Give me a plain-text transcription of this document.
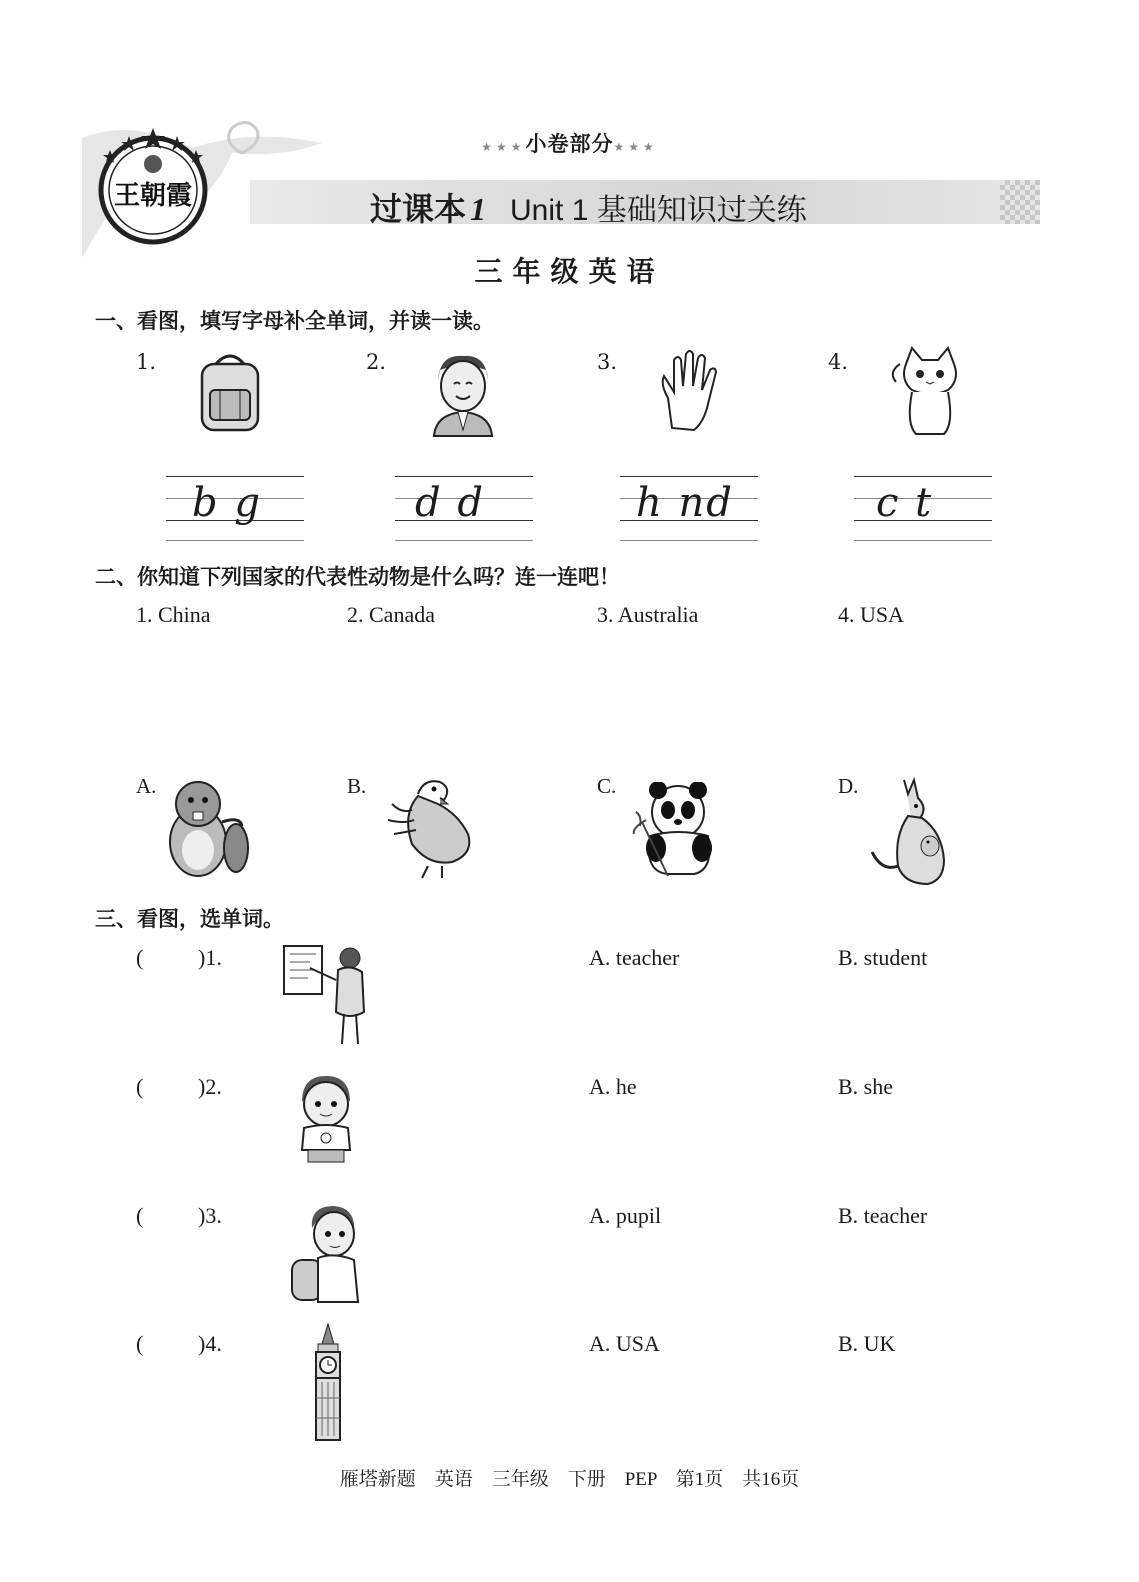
王朝霞
★★★小卷部分★★★
过课本 1 Unit 1 基础知识过关练
三年级英语
一、看图，填写字母补全单词，并读一读。
1.
b g
2.
d d
3.
h nd
4.
c t
二、你知道下列国家的代表性动物是什么吗？连一连吧！
1. China	2. Canada	3. Australia	4. USA
A.	B.	C.	D.
三、看图，选单词。
( )1.	A. teacher	B. student
( )2.	A. he	B. she
( )3.	A. pupil	B. teacher
( )4.	A. USA	B. UK
雁塔新题　英语　三年级　下册　PEP　第1页　共16页
